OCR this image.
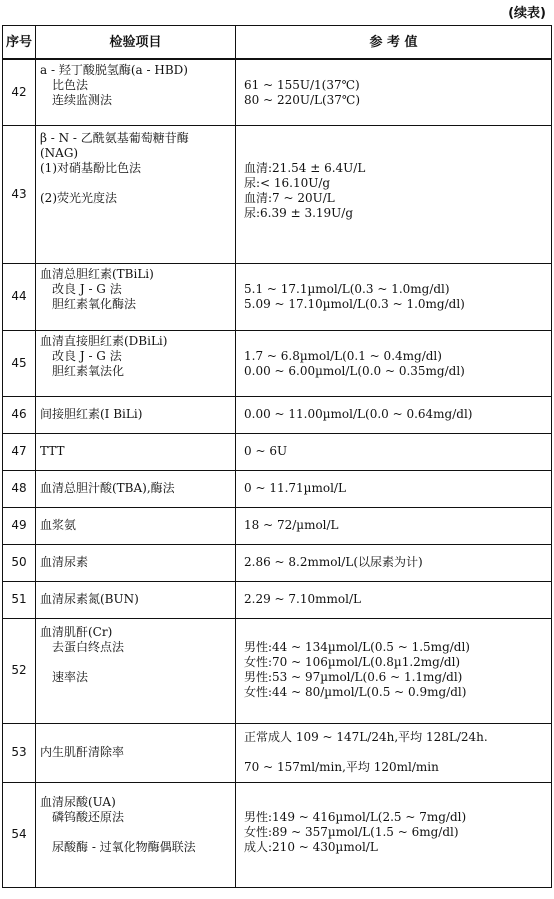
(续表)

序号	检验项目	参 考 值
42	a - 羟丁酸脱氢酶(a - HBD)
比色法
连续监测法	61 ~ 155U/1(37℃)
80 ~ 220U/L(37℃)

43	β - N - 乙酰氨基葡萄糖苷酶
(NAG)
(1)对硝基酚比色法
(2)荧光光度法	血清:21.54 ± 6.4U/L
尿:< 16.10U/g
血清:7 ~ 20U/L
尿:6.39 ± 3.19U/g

44	血清总胆红素(TBiLi)
改良 J - G 法
胆红素氧化酶法	5.1 ~ 17.1µmol/L(0.3 ~ 1.0mg/dl)
5.09 ~ 17.10µmol/L(0.3 ~ 1.0mg/dl)

45	血清直接胆红素(DBiLi)
改良 J - G 法
胆红素氧法化	1.7 ~ 6.8µmol/L(0.1 ~ 0.4mg/dl)
0.00 ~ 6.00µmol/L(0.0 ~ 0.35mg/dl)

46	间接胆红素(I BiLi)	0.00 ~ 11.00µmol/L(0.0 ~ 0.64mg/dl)

47	TTT	0 ~ 6U

48	血清总胆汁酸(TBA),酶法	0 ~ 11.71µmol/L

49	血浆氨	18 ~ 72/µmol/L

50	血清尿素	2.86 ~ 8.2mmol/L(以尿素为计)

51	血清尿素氮(BUN)	2.29 ~ 7.10mmol/L

52	血清肌酐(Cr)
去蛋白终点法
速率法	男性:44 ~ 134µmol/L(0.5 ~ 1.5mg/dl)
女性:70 ~ 106µmol/L(0.8µ1.2mg/dl)
男性:53 ~ 97µmol/L(0.6 ~ 1.1mg/dl)
女性:44 ~ 80/µmol/L(0.5 ~ 0.9mg/dl)

53	内生肌酐清除率	正常成人 109 ~ 147L/24h,平均 128L/24h.
70 ~ 157ml/min,平均 120ml/min

54	血清尿酸(UA)
磷钨酸还原法
尿酸酶 - 过氧化物酶偶联法	男性:149 ~ 416µmol/L(2.5 ~ 7mg/dl)
女性:89 ~ 357µmol/L(1.5 ~ 6mg/dl)
成人:210 ~ 430µmol/L
